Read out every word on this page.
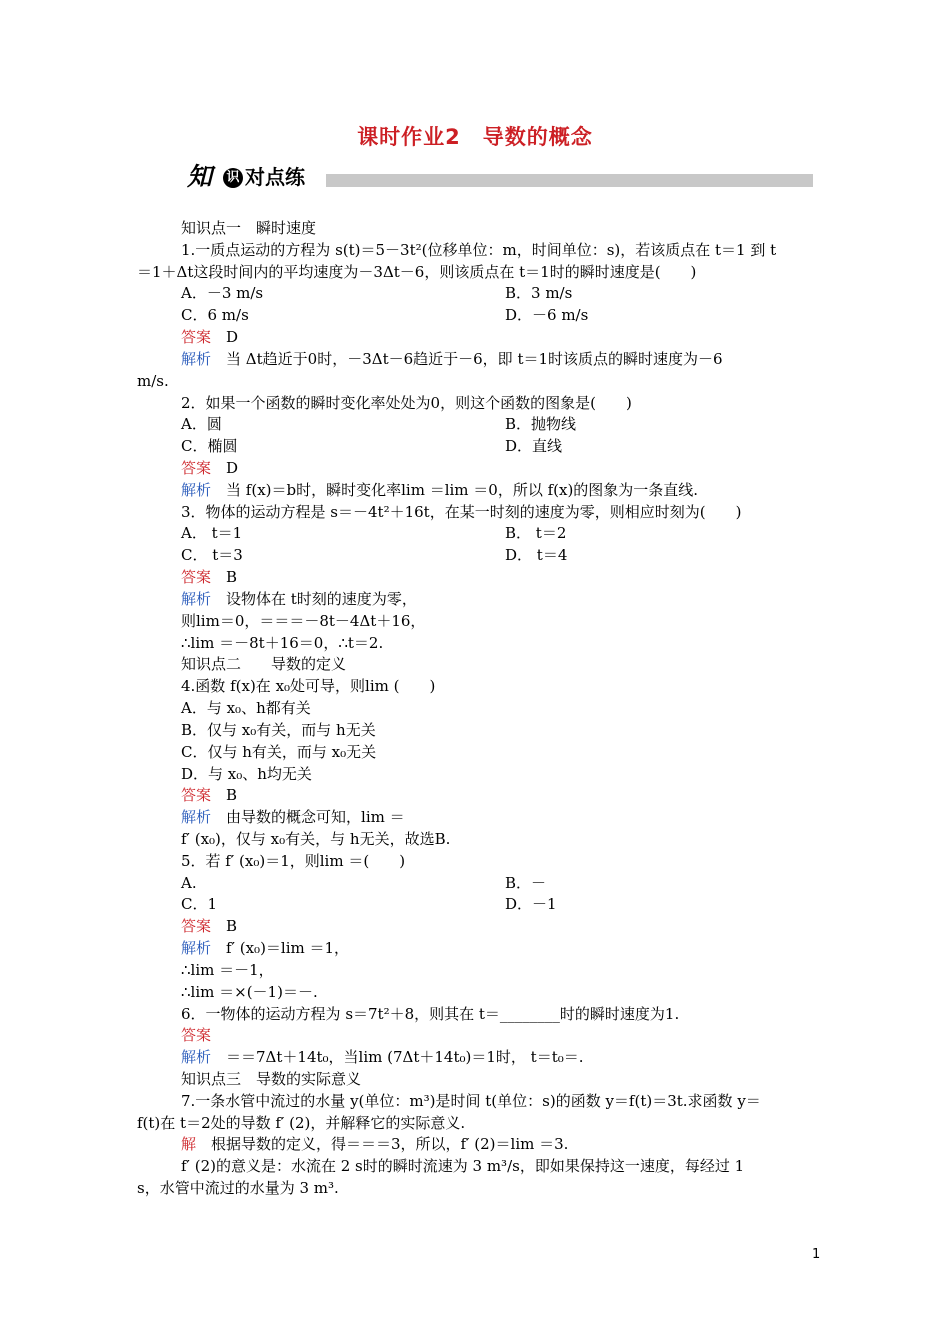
课时作业2　导数的概念
知 识 对点练
知识点一　瞬时速度
1.一质点运动的方程为 s(t)＝5－3t²(位移单位：m，时间单位：s)，若该质点在 t＝1 到 t
＝1＋Δt这段时间内的平均速度为－3Δt－6，则该质点在 t＝1时的瞬时速度是(　　)
A．－3 m/s	B．3 m/s
C．6 m/s	D．－6 m/s
答案　D
解析　当 Δt趋近于0时，－3Δt－6趋近于－6，即 t＝1时该质点的瞬时速度为－6
m/s.
2．如果一个函数的瞬时变化率处处为0，则这个函数的图象是(　　)
A．圆	B．抛物线
C．椭圆	D．直线
答案　D
解析　当 f(x)＝b时，瞬时变化率lim ＝lim ＝0，所以 f(x)的图象为一条直线.
3．物体的运动方程是 s＝－4t²＋16t，在某一时刻的速度为零，则相应时刻为(　　)
A． t＝1	B． t＝2
C． t＝3	D． t＝4
答案　B
解析　设物体在 t时刻的速度为零，
则lim＝0，＝＝＝－8t－4Δt＋16，
∴lim ＝－8t＋16＝0，∴t＝2.
知识点二　　导数的定义
4.函数 f(x)在 x₀处可导，则lim (　　)
A．与 x₀、h都有关
B．仅与 x₀有关，而与 h无关
C．仅与 h有关，而与 x₀无关
D．与 x₀、h均无关
答案　B
解析　由导数的概念可知，lim ＝
f′ (x₀)，仅与 x₀有关，与 h无关，故选B.
5．若 f′ (x₀)＝1，则lim ＝(　　)
A.	B．－
C．1	D．－1
答案　B
解析　f′ (x₀)＝lim ＝1，
∴lim ＝－1，
∴lim ＝×(－1)＝－.
6．一物体的运动方程为 s＝7t²＋8，则其在 t＝________时的瞬时速度为1.
答案
解析　＝＝7Δt＋14t₀，当lim (7Δt＋14t₀)＝1时， t＝t₀＝.
知识点三　导数的实际意义
7.一条水管中流过的水量 y(单位：m³)是时间 t(单位：s)的函数 y＝f(t)＝3t.求函数 y＝
f(t)在 t＝2处的导数 f′ (2)，并解释它的实际意义.
解　根据导数的定义，得＝＝＝3，所以，f′ (2)＝lim ＝3.
f′ (2)的意义是：水流在 2 s时的瞬时流速为 3 m³/s，即如果保持这一速度，每经过 1
s，水管中流过的水量为 3 m³.
1
